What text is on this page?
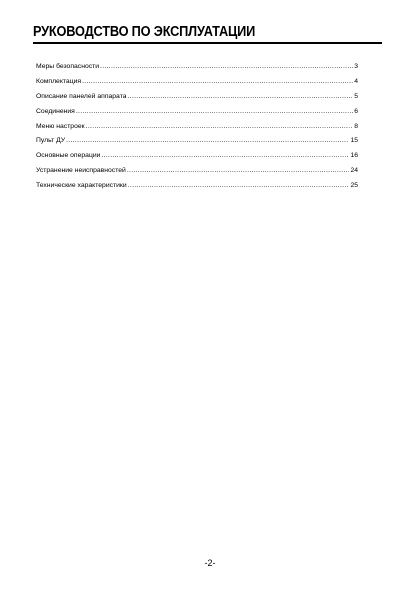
РУКОВОДСТВО ПО ЭКСПЛУАТАЦИИ
Меры безопасности .....	3
Комплектация .....	4
Описание панелей аппарата .....	5
Соединения .....	6
Меню настроек .....	8
Пульт ДУ .....	15
Основные операции .....	16
Устранение неисправностей .....	24
Технические характеристики .....	25
-2-
